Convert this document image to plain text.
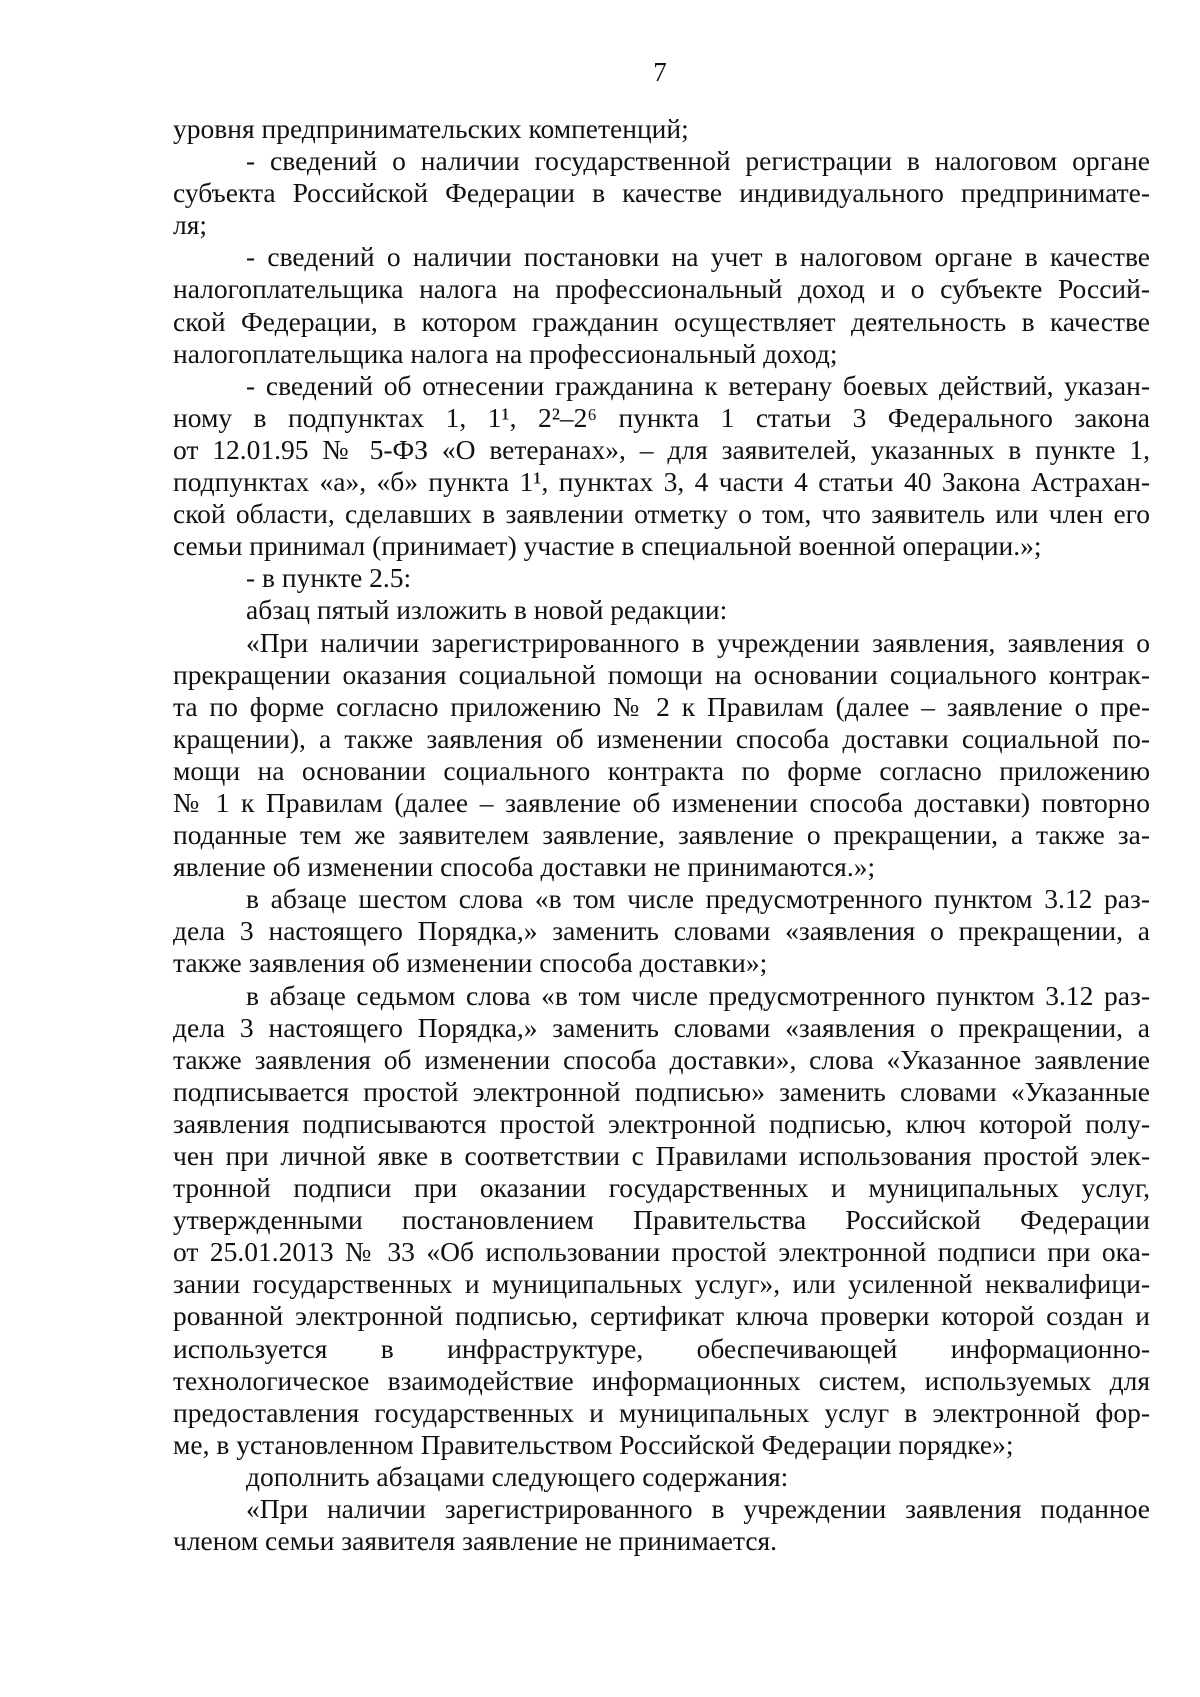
7
уровня предпринимательских компетенций;
- сведений о наличии государственной регистрации в налоговом органе
субъекта Российской Федерации в качестве индивидуального предпринимате-
ля;
- сведений о наличии постановки на учет в налоговом органе в качестве
налогоплательщика налога на профессиональный доход и о субъекте Россий-
ской Федерации, в котором гражданин осуществляет деятельность в качестве
налогоплательщика налога на профессиональный доход;
- сведений об отнесении гражданина к ветерану боевых действий, указан-
ному в подпунктах 1, 1¹, 2²–2⁶ пункта 1 статьи 3 Федерального закона
от 12.01.95 № 5-ФЗ «О ветеранах», – для заявителей, указанных в пункте 1,
подпунктах «а», «б» пункта 1¹, пунктах 3, 4 части 4 статьи 40 Закона Астрахан-
ской области, сделавших в заявлении отметку о том, что заявитель или член его
семьи принимал (принимает) участие в специальной военной операции.»;
- в пункте 2.5:
абзац пятый изложить в новой редакции:
«При наличии зарегистрированного в учреждении заявления, заявления о
прекращении оказания социальной помощи на основании социального контрак-
та по форме согласно приложению № 2 к Правилам (далее – заявление о пре-
кращении), а также заявления об изменении способа доставки социальной по-
мощи на основании социального контракта по форме согласно приложению
№ 1 к Правилам (далее – заявление об изменении способа доставки) повторно
поданные тем же заявителем заявление, заявление о прекращении, а также за-
явление об изменении способа доставки не принимаются.»;
в абзаце шестом слова «в том числе предусмотренного пунктом 3.12 раз-
дела 3 настоящего Порядка,» заменить словами «заявления о прекращении, а
также заявления об изменении способа доставки»;
в абзаце седьмом слова «в том числе предусмотренного пунктом 3.12 раз-
дела 3 настоящего Порядка,» заменить словами «заявления о прекращении, а
также заявления об изменении способа доставки», слова «Указанное заявление
подписывается простой электронной подписью» заменить словами «Указанные
заявления подписываются простой электронной подписью, ключ которой полу-
чен при личной явке в соответствии с Правилами использования простой элек-
тронной подписи при оказании государственных и муниципальных услуг,
утвержденными постановлением Правительства Российской Федерации
от 25.01.2013 № 33 «Об использовании простой электронной подписи при ока-
зании государственных и муниципальных услуг», или усиленной неквалифици-
рованной электронной подписью, сертификат ключа проверки которой создан и
используется в инфраструктуре, обеспечивающей информационно-
технологическое взаимодействие информационных систем, используемых для
предоставления государственных и муниципальных услуг в электронной фор-
ме, в установленном Правительством Российской Федерации порядке»;
дополнить абзацами следующего содержания:
«При наличии зарегистрированного в учреждении заявления поданное
членом семьи заявителя заявление не принимается.
